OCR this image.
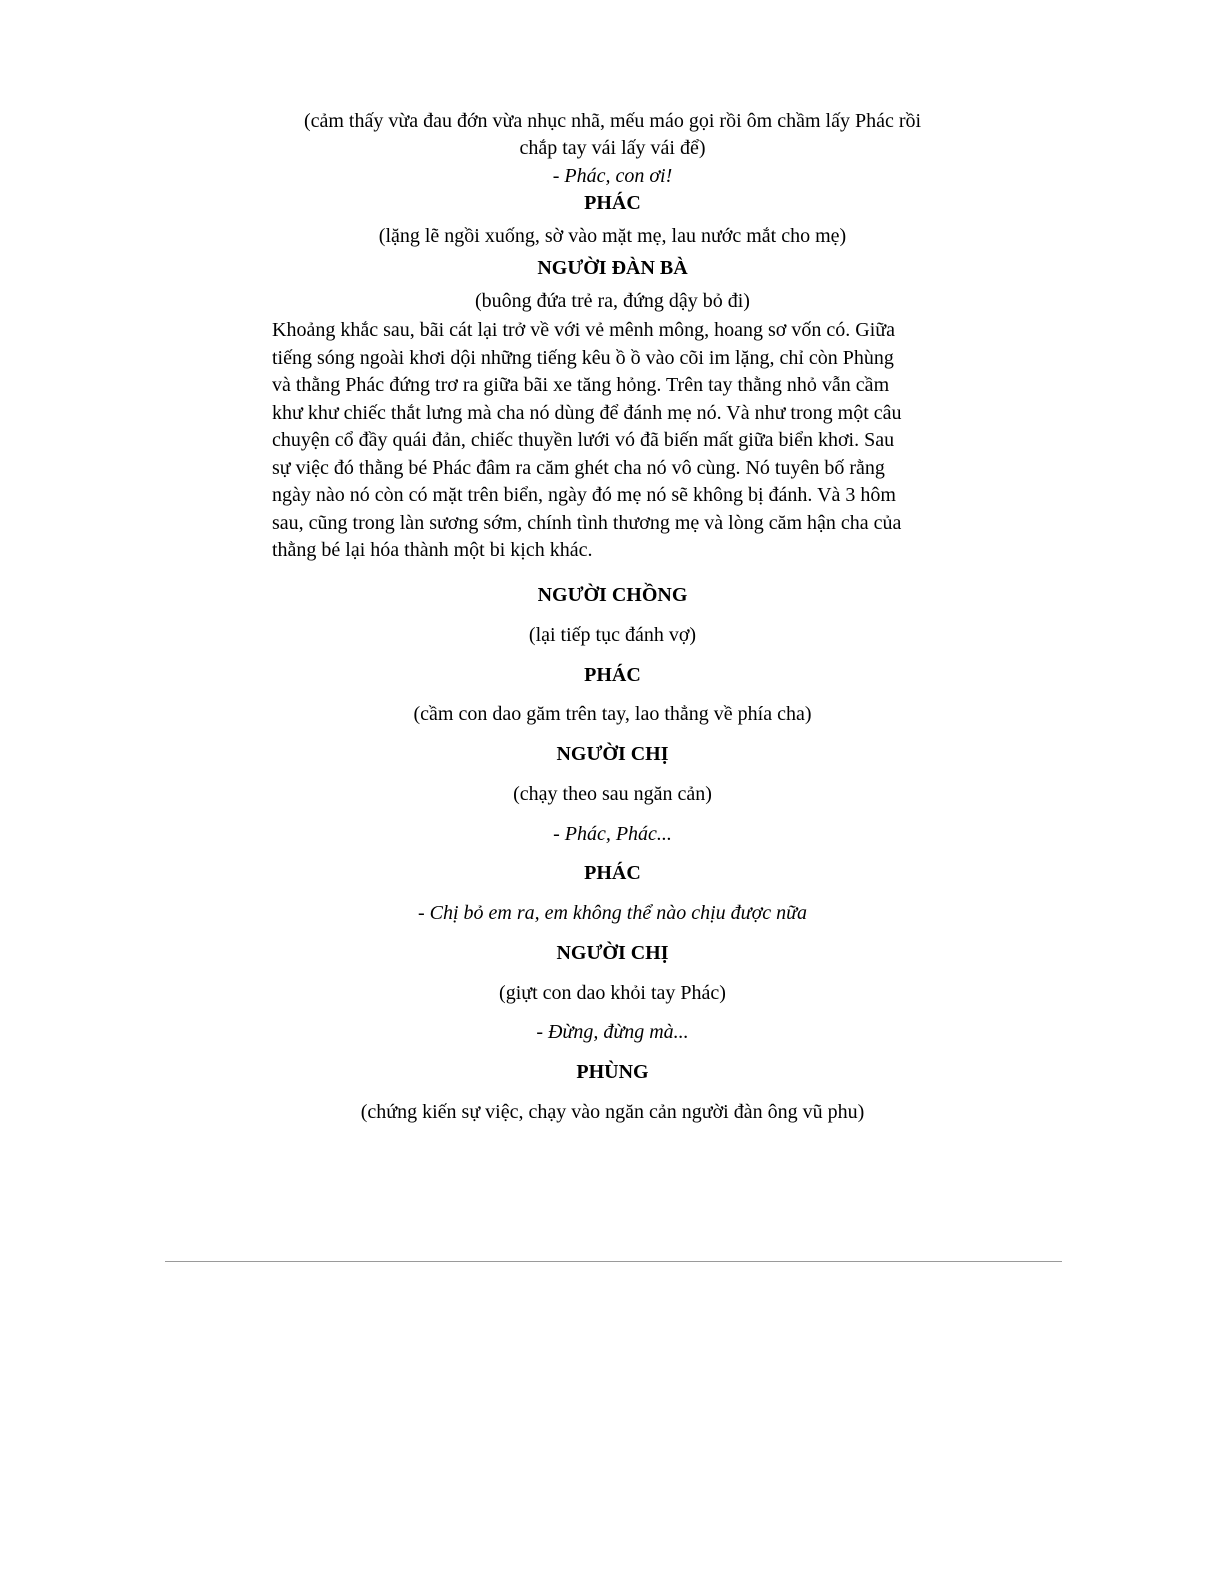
(cảm thấy vừa đau đớn vừa nhục nhã, mếu máo gọi rồi ôm chầm lấy Phác rồi
chắp tay vái lấy vái để)
- Phác, con ơi!
PHÁC
(lặng lẽ ngồi xuống, sờ vào mặt mẹ, lau nước mắt cho mẹ)
NGƯỜI ĐÀN BÀ
(buông đứa trẻ ra, đứng dậy bỏ đi)
Khoảng khắc sau, bãi cát lại trở về với vẻ mênh mông, hoang sơ vốn có. Giữa
tiếng sóng ngoài khơi dội những tiếng kêu ồ ồ vào cõi im lặng, chỉ còn Phùng
và thằng Phác đứng trơ ra giữa bãi xe tăng hỏng. Trên tay thằng nhỏ vẫn cầm
khư khư chiếc thắt lưng mà cha nó dùng để đánh mẹ nó. Và như trong một câu
chuyện cổ đầy quái đản, chiếc thuyền lưới vó đã biến mất giữa biển khơi. Sau
sự việc đó thằng bé Phác đâm ra căm ghét cha nó vô cùng. Nó tuyên bố rằng
ngày nào nó còn có mặt trên biển, ngày đó mẹ nó sẽ không bị đánh. Và 3 hôm
sau, cũng trong làn sương sớm, chính tình thương mẹ và lòng căm hận cha của
thằng bé lại hóa thành một bi kịch khác.
NGƯỜI CHỒNG
(lại tiếp tục đánh vợ)
PHÁC
(cầm con dao găm trên tay, lao thẳng về phía cha)
NGƯỜI CHỊ
(chạy theo sau ngăn cản)
- Phác, Phác...
PHÁC
- Chị bỏ em ra, em không thể nào chịu được nữa
NGƯỜI CHỊ
(giựt con dao khỏi tay Phác)
- Đừng, đừng mà...
PHÙNG
(chứng kiến sự việc, chạy vào ngăn cản người đàn ông vũ phu)
